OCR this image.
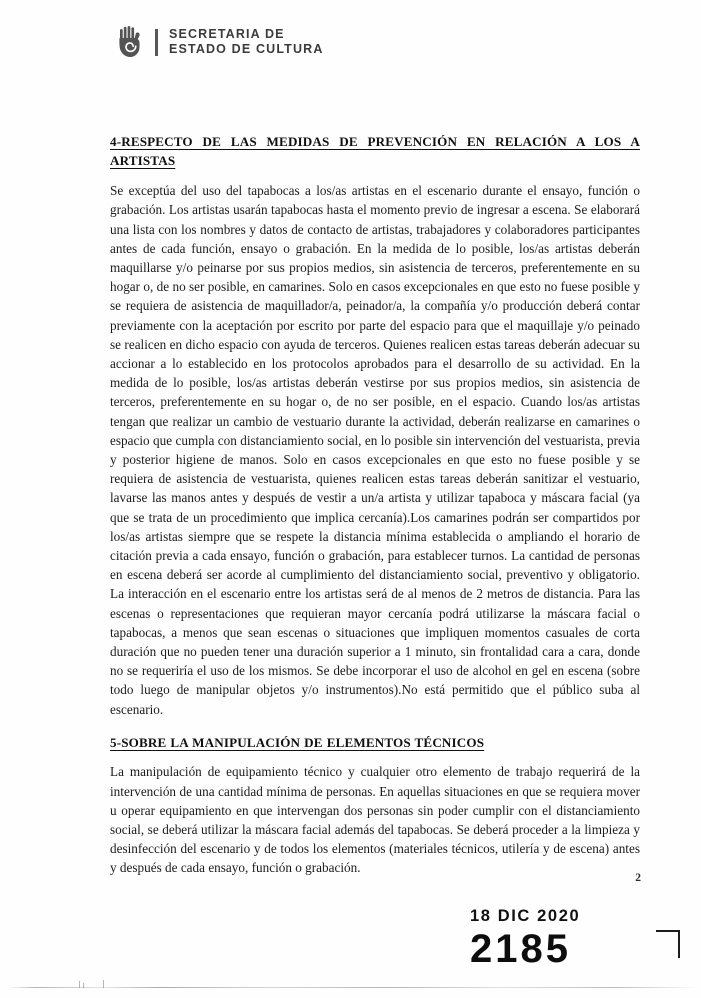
SECRETARIA DE
ESTADO DE CULTURA
4-RESPECTO DE LAS MEDIDAS DE PREVENCIÓN EN RELACIÓN A LOS A ARTISTAS

Se exceptúa del uso del tapabocas a los/as artistas en el escenario durante el ensayo, función o grabación. Los artistas usarán tapabocas hasta el momento previo de ingresar a escena. Se elaborará una lista con los nombres y datos de contacto de artistas, trabajadores y colaboradores participantes antes de cada función, ensayo o grabación. En la medida de lo posible, los/as artistas deberán maquillarse y/o peinarse por sus propios medios, sin asistencia de terceros, preferentemente en su hogar o, de no ser posible, en camarines. Solo en casos excepcionales en que esto no fuese posible y se requiera de asistencia de maquillador/a, peinador/a, la compañía y/o producción deberá contar previamente con la aceptación por escrito por parte del espacio para que el maquillaje y/o peinado se realicen en dicho espacio con ayuda de terceros. Quienes realicen estas tareas deberán adecuar su accionar a lo establecido en los protocolos aprobados para el desarrollo de su actividad. En la medida de lo posible, los/as artistas deberán vestirse por sus propios medios, sin asistencia de terceros, preferentemente en su hogar o, de no ser posible, en el espacio. Cuando los/as artistas tengan que realizar un cambio de vestuario durante la actividad, deberán realizarse en camarines o espacio que cumpla con distanciamiento social, en lo posible sin intervención del vestuarista, previa y posterior higiene de manos. Solo en casos excepcionales en que esto no fuese posible y se requiera de asistencia de vestuarista, quienes realicen estas tareas deberán sanitizar el vestuario, lavarse las manos antes y después de vestir a un/a artista y utilizar tapaboca y máscara facial (ya que se trata de un procedimiento que implica cercanía).Los camarines podrán ser compartidos por los/as artistas siempre que se respete la distancia mínima establecida o ampliando el horario de citación previa a cada ensayo, función o grabación, para establecer turnos. La cantidad de personas en escena deberá ser acorde al cumplimiento del distanciamiento social, preventivo y obligatorio. La interacción en el escenario entre los artistas será de al menos de 2 metros de distancia. Para las escenas o representaciones que requieran mayor cercanía podrá utilizarse la máscara facial o tapabocas, a menos que sean escenas o situaciones que impliquen momentos casuales de corta duración que no pueden tener una duración superior a 1 minuto, sin frontalidad cara a cara, donde no se requeriría el uso de los mismos. Se debe incorporar el uso de alcohol en gel en escena (sobre todo luego de manipular objetos y/o instrumentos).No está permitido que el público suba al escenario.

5-SOBRE LA MANIPULACIÓN DE ELEMENTOS TÉCNICOS

La manipulación de equipamiento técnico y cualquier otro elemento de trabajo requerirá de la intervención de una cantidad mínima de personas. En aquellas situaciones en que se requiera mover u operar equipamiento en que intervengan dos personas sin poder cumplir con el distanciamiento social, se deberá utilizar la máscara facial además del tapabocas. Se deberá proceder a la limpieza y desinfección del escenario y de todos los elementos (materiales técnicos, utilería y de escena) antes y después de cada ensayo, función o grabación.

2
18 DIC 2020
2185
